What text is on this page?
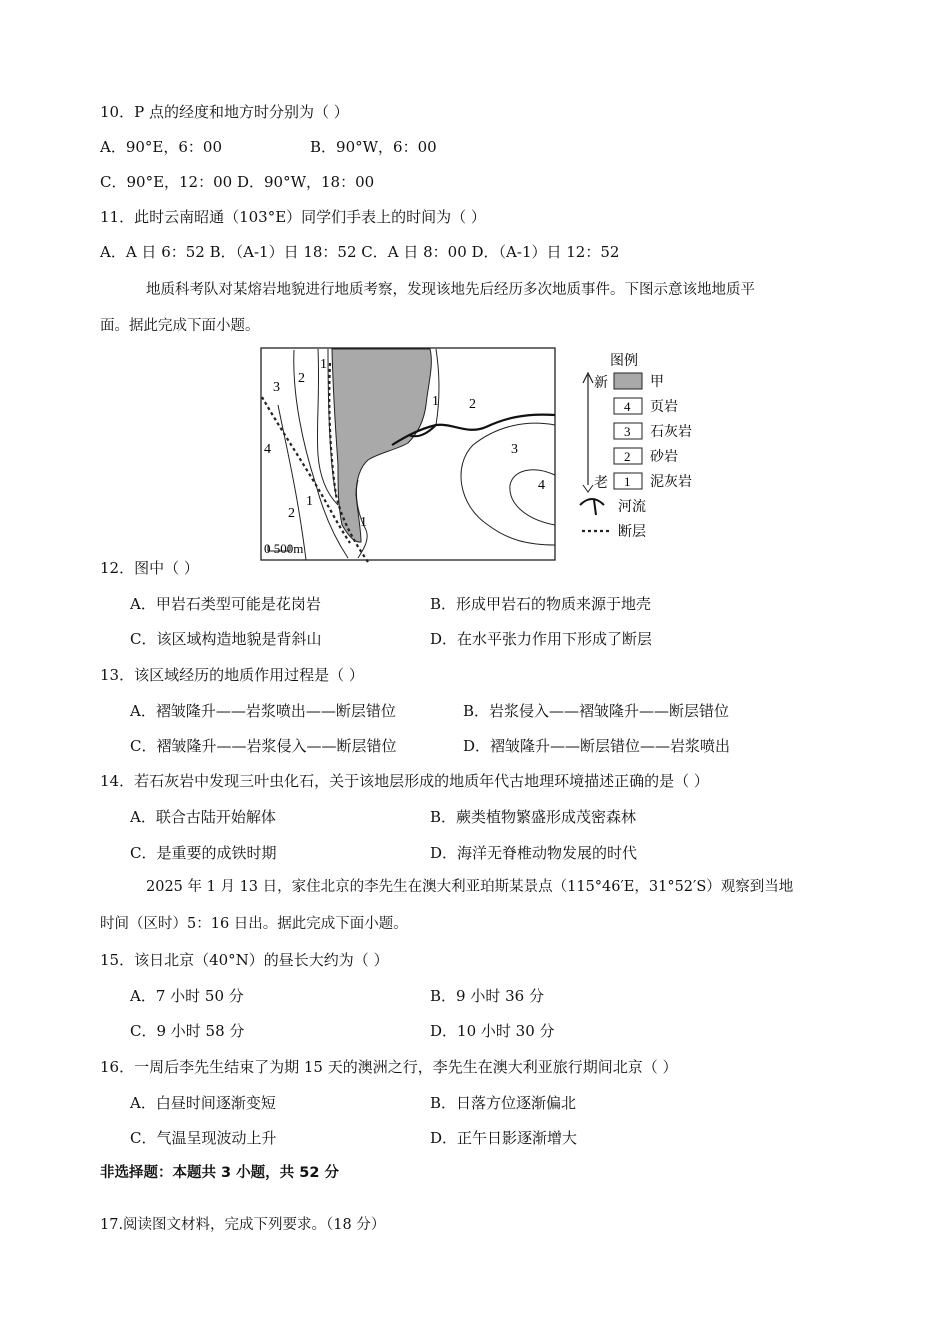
10．P 点的经度和地方时分别为（ ）
A．90°E，6：00	B．90°W，6：00
C．90°E，12：00 D．90°W，18：00
11．此时云南昭通（103°E）同学们手表上的时间为（ ）
A．A 日 6：52 B．（A-1）日 18：52 C．A 日 8：00 D．（A-1）日 12：52
地质科考队对某熔岩地貌进行地质考察，发现该地先后经历多次地质事件。下图示意该地地质平
面。据此完成下面小题。
1
1
1
1
2
2
2
3
3
4
4
0 500m
图例
新
老
甲
4 页岩
3 石灰岩
2 砂岩
1 泥灰岩
河流
断层
12．图中（ ）
A．甲岩石类型可能是花岗岩	B．形成甲岩石的物质来源于地壳
C．该区域构造地貌是背斜山	D．在水平张力作用下形成了断层
13．该区域经历的地质作用过程是（ ）
A．褶皱隆升——岩浆喷出——断层错位	B．岩浆侵入——褶皱隆升——断层错位
C．褶皱隆升——岩浆侵入——断层错位	D．褶皱隆升——断层错位——岩浆喷出
14．若石灰岩中发现三叶虫化石，关于该地层形成的地质年代古地理环境描述正确的是（ ）
A．联合古陆开始解体	B．蕨类植物繁盛形成茂密森林
C．是重要的成铁时期	D．海洋无脊椎动物发展的时代
2025 年 1 月 13 日，家住北京的李先生在澳大利亚珀斯某景点（115°46′E，31°52′S）观察到当地
时间（区时）5：16 日出。据此完成下面小题。
15．该日北京（40°N）的昼长大约为（ ）
A．7 小时 50 分	B．9 小时 36 分
C．9 小时 58 分	D．10 小时 30 分
16．一周后李先生结束了为期 15 天的澳洲之行，李先生在澳大利亚旅行期间北京（ ）
A．白昼时间逐渐变短	B．日落方位逐渐偏北
C．气温呈现波动上升	D．正午日影逐渐增大
非选择题：本题共 3 小题，共 52 分
17.阅读图文材料，完成下列要求。（18 分）
